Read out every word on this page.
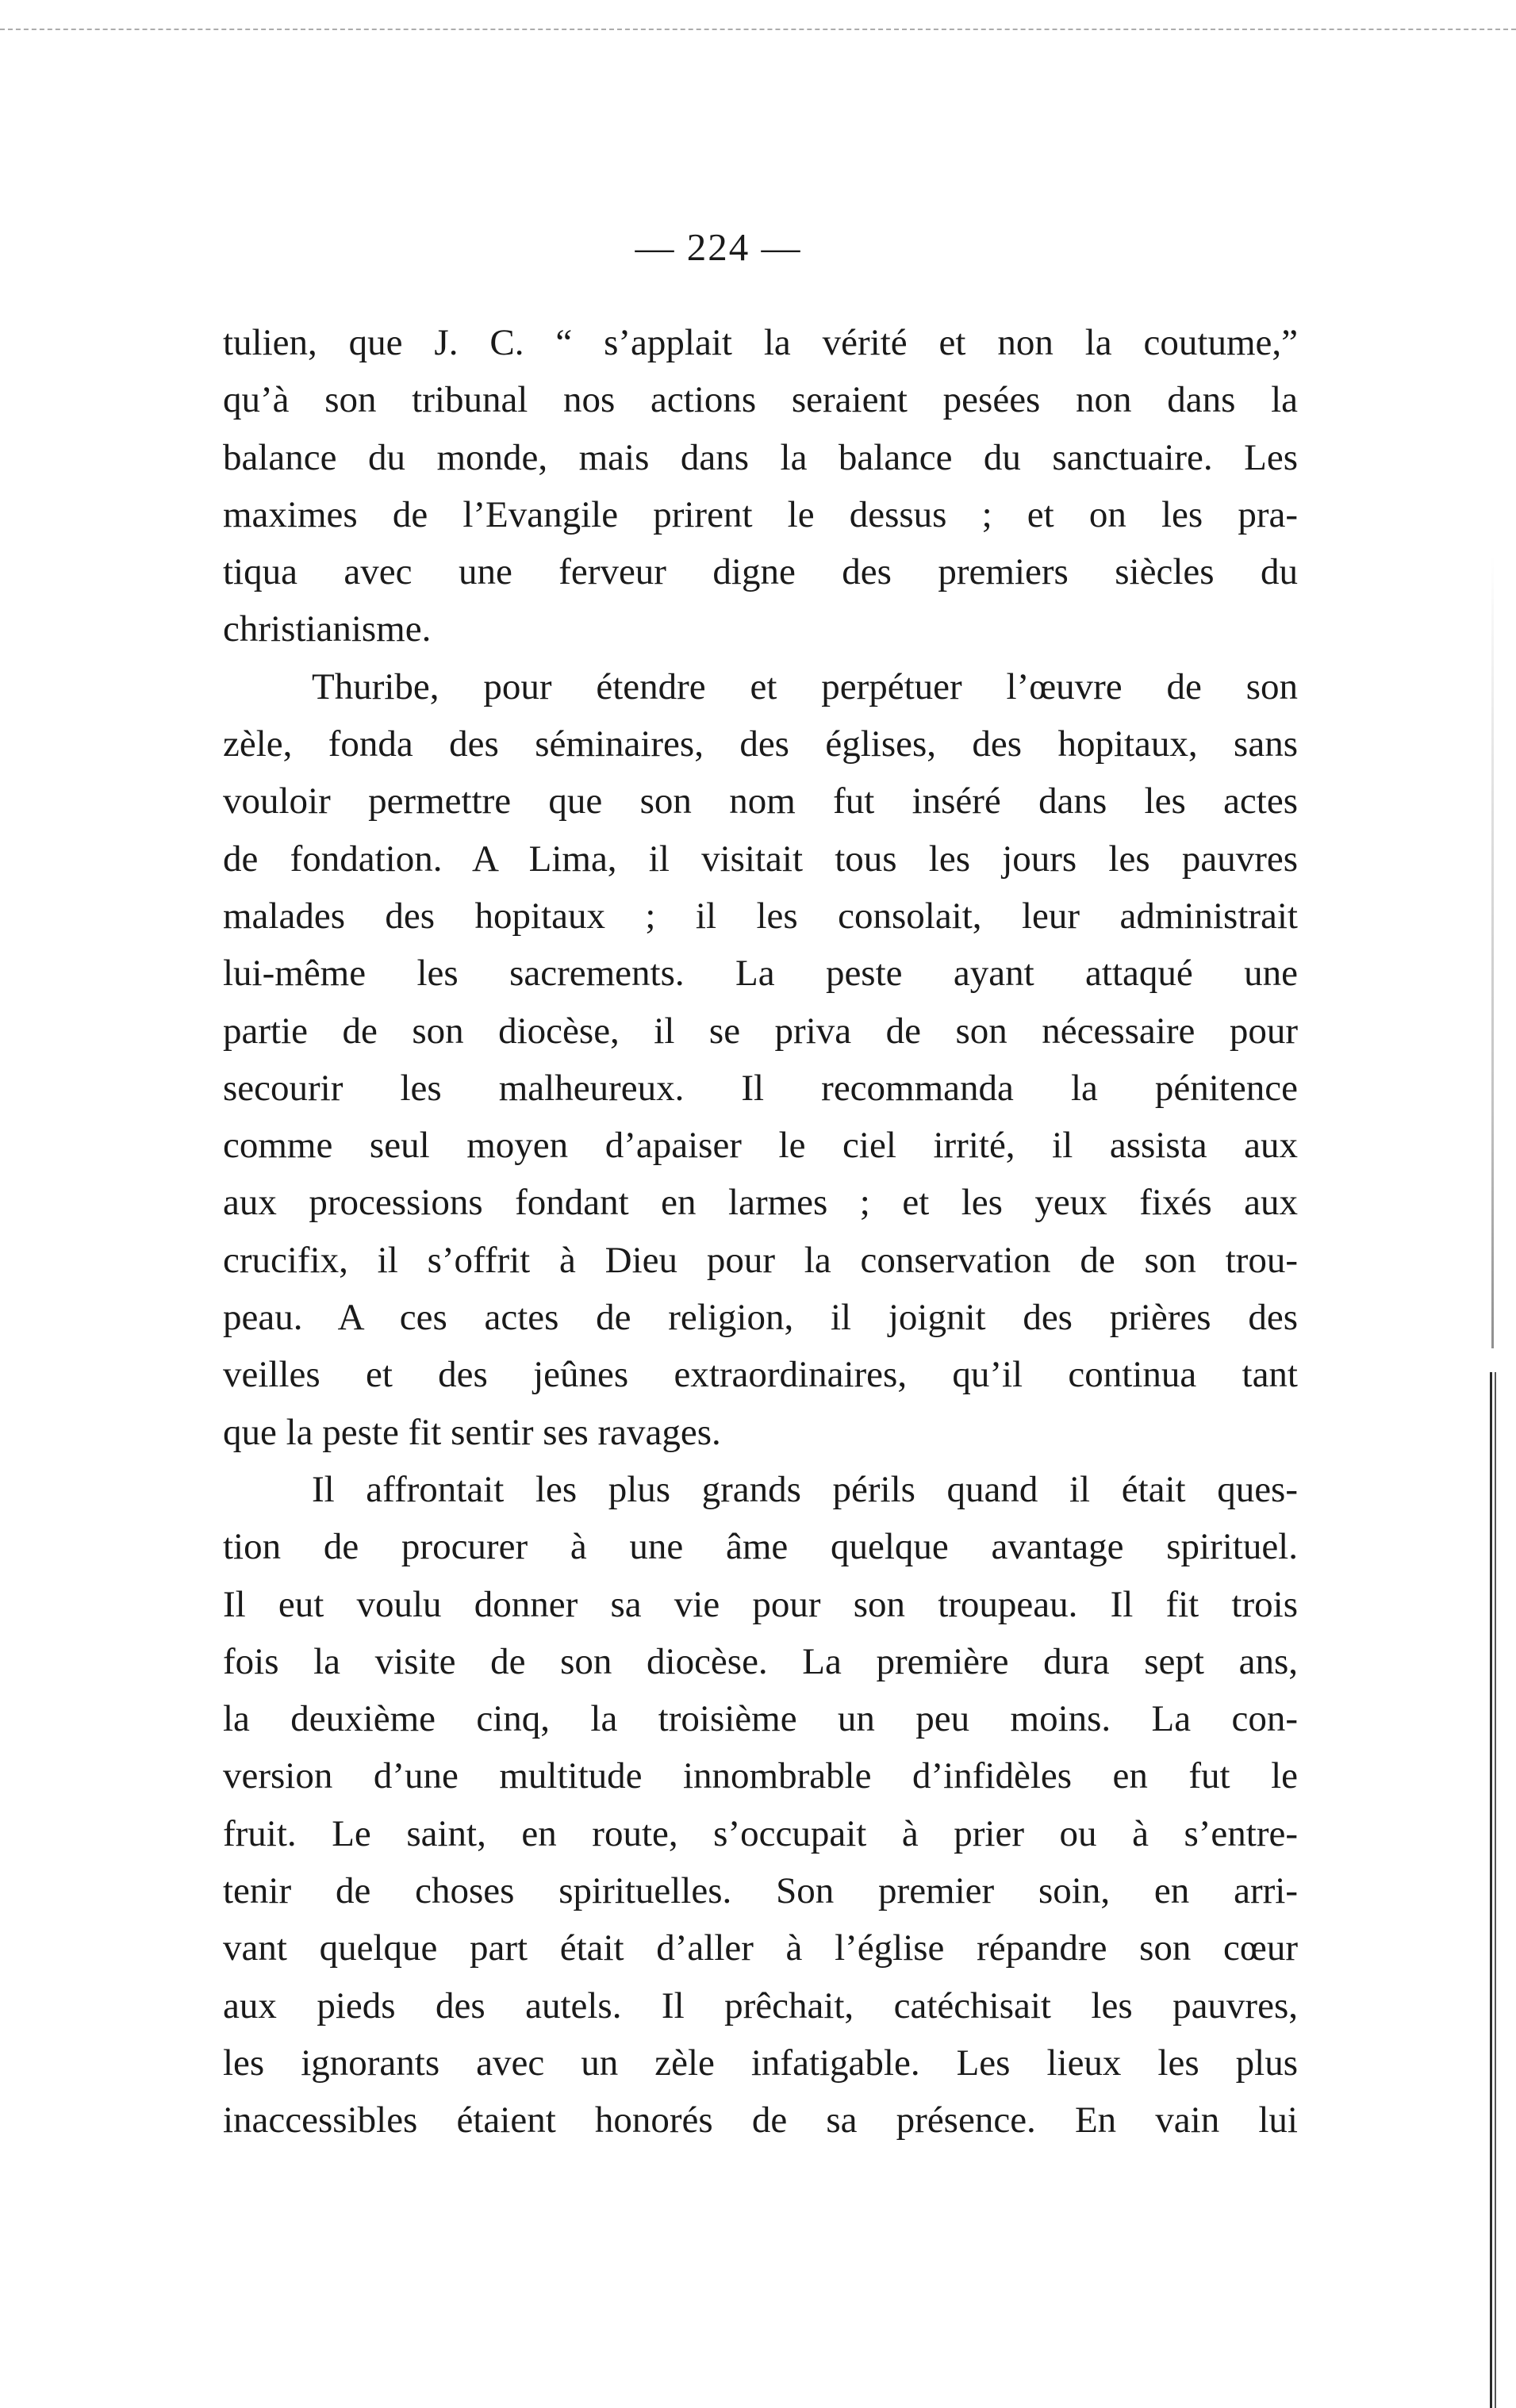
— 224 —
tulien, que J. C. “ s’applait la vérité et non la coutume,”
qu’à son tribunal nos actions seraient pesées non dans la
balance du monde, mais dans la balance du sanctuaire. Les
maximes de l’Evangile prirent le dessus ; et on les pra-
tiqua avec une ferveur digne des premiers siècles du
christianisme.
Thuribe, pour étendre et perpétuer l’œuvre de son
zèle, fonda des séminaires, des églises, des hopitaux, sans
vouloir permettre que son nom fut inséré dans les actes
de fondation. A Lima, il visitait tous les jours les pauvres
malades des hopitaux ; il les consolait, leur administrait
lui-même les sacrements. La peste ayant attaqué une
partie de son diocèse, il se priva de son nécessaire pour
secourir les malheureux. Il recommanda la pénitence
comme seul moyen d’apaiser le ciel irrité, il assista aux
aux processions fondant en larmes ; et les yeux fixés aux
crucifix, il s’offrit à Dieu pour la conservation de son trou-
peau. A ces actes de religion, il joignit des prières des
veilles et des jeûnes extraordinaires, qu’il continua tant
que la peste fit sentir ses ravages.
Il affrontait les plus grands périls quand il était ques-
tion de procurer à une âme quelque avantage spirituel.
Il eut voulu donner sa vie pour son troupeau. Il fit trois
fois la visite de son diocèse. La première dura sept ans,
la deuxième cinq, la troisième un peu moins. La con-
version d’une multitude innombrable d’infidèles en fut le
fruit. Le saint, en route, s’occupait à prier ou à s’entre-
tenir de choses spirituelles. Son premier soin, en arri-
vant quelque part était d’aller à l’église répandre son cœur
aux pieds des autels. Il prêchait, catéchisait les pauvres,
les ignorants avec un zèle infatigable. Les lieux les plus
inaccessibles étaient honorés de sa présence. En vain lui
